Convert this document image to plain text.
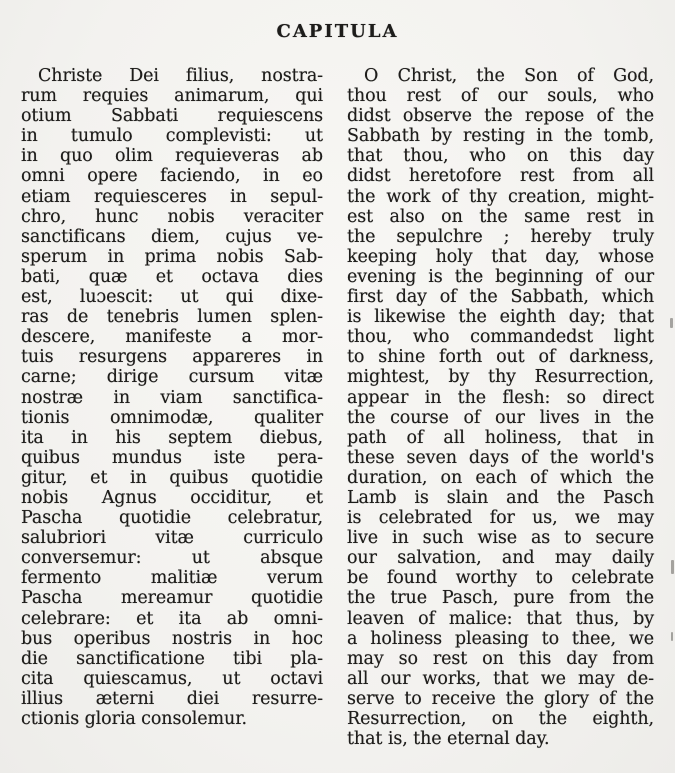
CAPITULA
Christe Dei filius, nostra-
rum requies animarum, qui
otium Sabbati requiescens
in tumulo complevisti: ut
in quo olim requieveras ab
omni opere faciendo, in eo
etiam requiesceres in sepul-
chro, hunc nobis veraciter
sanctificans diem, cujus ve-
sperum in prima nobis Sab-
bati, quæ et octava dies
est, luɔescit: ut qui dixe-
ras de tenebris lumen splen-
descere, manifeste a mor-
tuis resurgens appareres in
carne; dirige cursum vitæ
nostræ in viam sanctifica-
tionis omnimodæ, qualiter
ita in his septem diebus,
quibus mundus iste pera-
gitur, et in quibus quotidie
nobis Agnus occiditur, et
Pascha quotidie celebratur,
salubriori vitæ curriculo
conversemur: ut absque
fermento malitiæ verum
Pascha mereamur quotidie
celebrare: et ita ab omni-
bus operibus nostris in hoc
die sanctificatione tibi pla-
cita quiescamus, ut octavi
illius æterni diei resurre-
ctionis gloria consolemur.
O Christ, the Son of God,
thou rest of our souls, who
didst observe the repose of the
Sabbath by resting in the tomb,
that thou, who on this day
didst heretofore rest from all
the work of thy creation, might-
est also on the same rest in
the sepulchre ; hereby truly
keeping holy that day, whose
evening is the beginning of our
first day of the Sabbath, which
is likewise the eighth day; that
thou, who commandedst light
to shine forth out of darkness,
mightest, by thy Resurrection,
appear in the flesh: so direct
the course of our lives in the
path of all holiness, that in
these seven days of the world's
duration, on each of which the
Lamb is slain and the Pasch
is celebrated for us, we may
live in such wise as to secure
our salvation, and may daily
be found worthy to celebrate
the true Pasch, pure from the
leaven of malice: that thus, by
a holiness pleasing to thee, we
may so rest on this day from
all our works, that we may de-
serve to receive the glory of the
Resurrection, on the eighth,
that is, the eternal day.
